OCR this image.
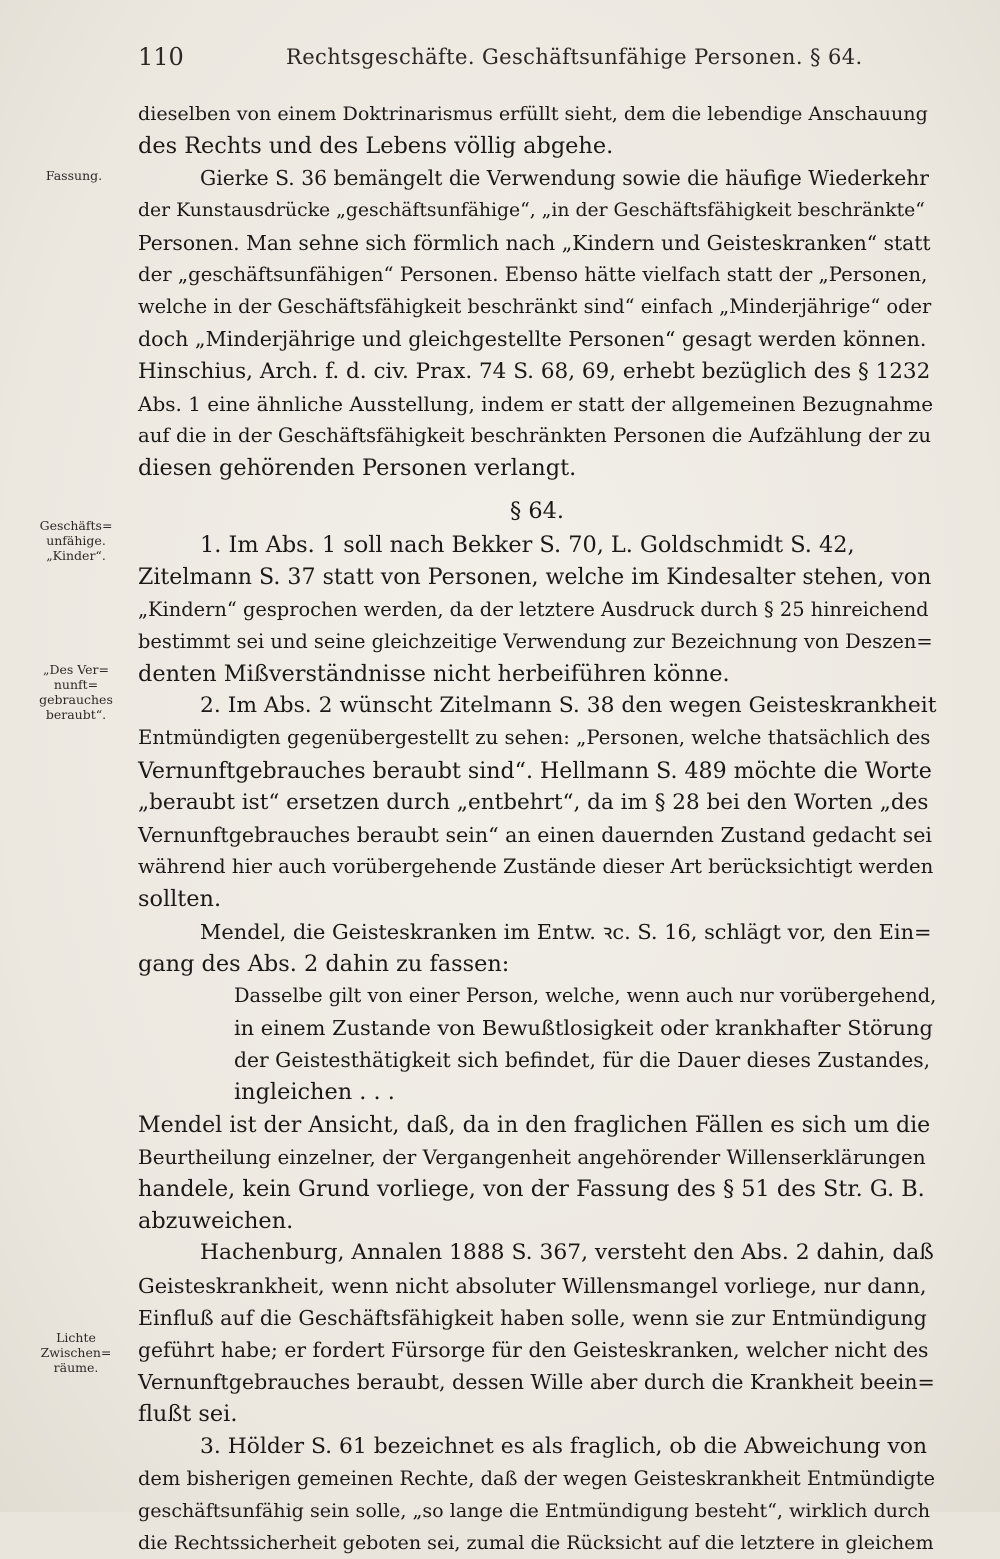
110	Rechtsgeschäfte. Geschäftsunfähige Personen. § 64.
Fassung.
Geschäfts=
unfähige.
„Kinder“.
„Des Ver=
nunft=
gebrauches
beraubt“.
Lichte
Zwischen=
räume.
dieselben von einem Doktrinarismus erfüllt sieht, dem die lebendige Anschauung
des Rechts und des Lebens völlig abgehe.
Gierke S. 36 bemängelt die Verwendung sowie die häufige Wiederkehr
der Kunstausdrücke „geschäftsunfähige“, „in der Geschäftsfähigkeit beschränkte“
Personen. Man sehne sich förmlich nach „Kindern und Geisteskranken“ statt
der „geschäftsunfähigen“ Personen. Ebenso hätte vielfach statt der „Personen,
welche in der Geschäftsfähigkeit beschränkt sind“ einfach „Minderjährige“ oder
doch „Minderjährige und gleichgestellte Personen“ gesagt werden können.
Hinschius, Arch. f. d. civ. Prax. 74 S. 68, 69, erhebt bezüglich des § 1232
Abs. 1 eine ähnliche Ausstellung, indem er statt der allgemeinen Bezugnahme
auf die in der Geschäftsfähigkeit beschränkten Personen die Aufzählung der zu
diesen gehörenden Personen verlangt.
§ 64.
1. Im Abs. 1 soll nach Bekker S. 70, L. Goldschmidt S. 42,
Zitelmann S. 37 statt von Personen, welche im Kindesalter stehen, von
„Kindern“ gesprochen werden, da der letztere Ausdruck durch § 25 hinreichend
bestimmt sei und seine gleichzeitige Verwendung zur Bezeichnung von Deszen=
denten Mißverständnisse nicht herbeiführen könne.
2. Im Abs. 2 wünscht Zitelmann S. 38 den wegen Geisteskrankheit
Entmündigten gegenübergestellt zu sehen: „Personen, welche thatsächlich des
Vernunftgebrauches beraubt sind“. Hellmann S. 489 möchte die Worte
„beraubt ist“ ersetzen durch „entbehrt“, da im § 28 bei den Worten „des
Vernunftgebrauches beraubt sein“ an einen dauernden Zustand gedacht sei
während hier auch vorübergehende Zustände dieser Art berücksichtigt werden
sollten.
Mendel, die Geisteskranken im Entw. ꝛc. S. 16, schlägt vor, den Ein=
gang des Abs. 2 dahin zu fassen:
Dasselbe gilt von einer Person, welche, wenn auch nur vorübergehend,
in einem Zustande von Bewußtlosigkeit oder krankhafter Störung
der Geistesthätigkeit sich befindet, für die Dauer dieses Zustandes,
ingleichen . . .
Mendel ist der Ansicht, daß, da in den fraglichen Fällen es sich um die
Beurtheilung einzelner, der Vergangenheit angehörender Willenserklärungen
handele, kein Grund vorliege, von der Fassung des § 51 des Str. G. B.
abzuweichen.
Hachenburg, Annalen 1888 S. 367, versteht den Abs. 2 dahin, daß
Geisteskrankheit, wenn nicht absoluter Willensmangel vorliege, nur dann,
Einfluß auf die Geschäftsfähigkeit haben solle, wenn sie zur Entmündigung
geführt habe; er fordert Fürsorge für den Geisteskranken, welcher nicht des
Vernunftgebrauches beraubt, dessen Wille aber durch die Krankheit beein=
flußt sei.
3. Hölder S. 61 bezeichnet es als fraglich, ob die Abweichung von
dem bisherigen gemeinen Rechte, daß der wegen Geisteskrankheit Entmündigte
geschäftsunfähig sein solle, „so lange die Entmündigung besteht“, wirklich durch
die Rechtssicherheit geboten sei, zumal die Rücksicht auf die letztere in gleichem
